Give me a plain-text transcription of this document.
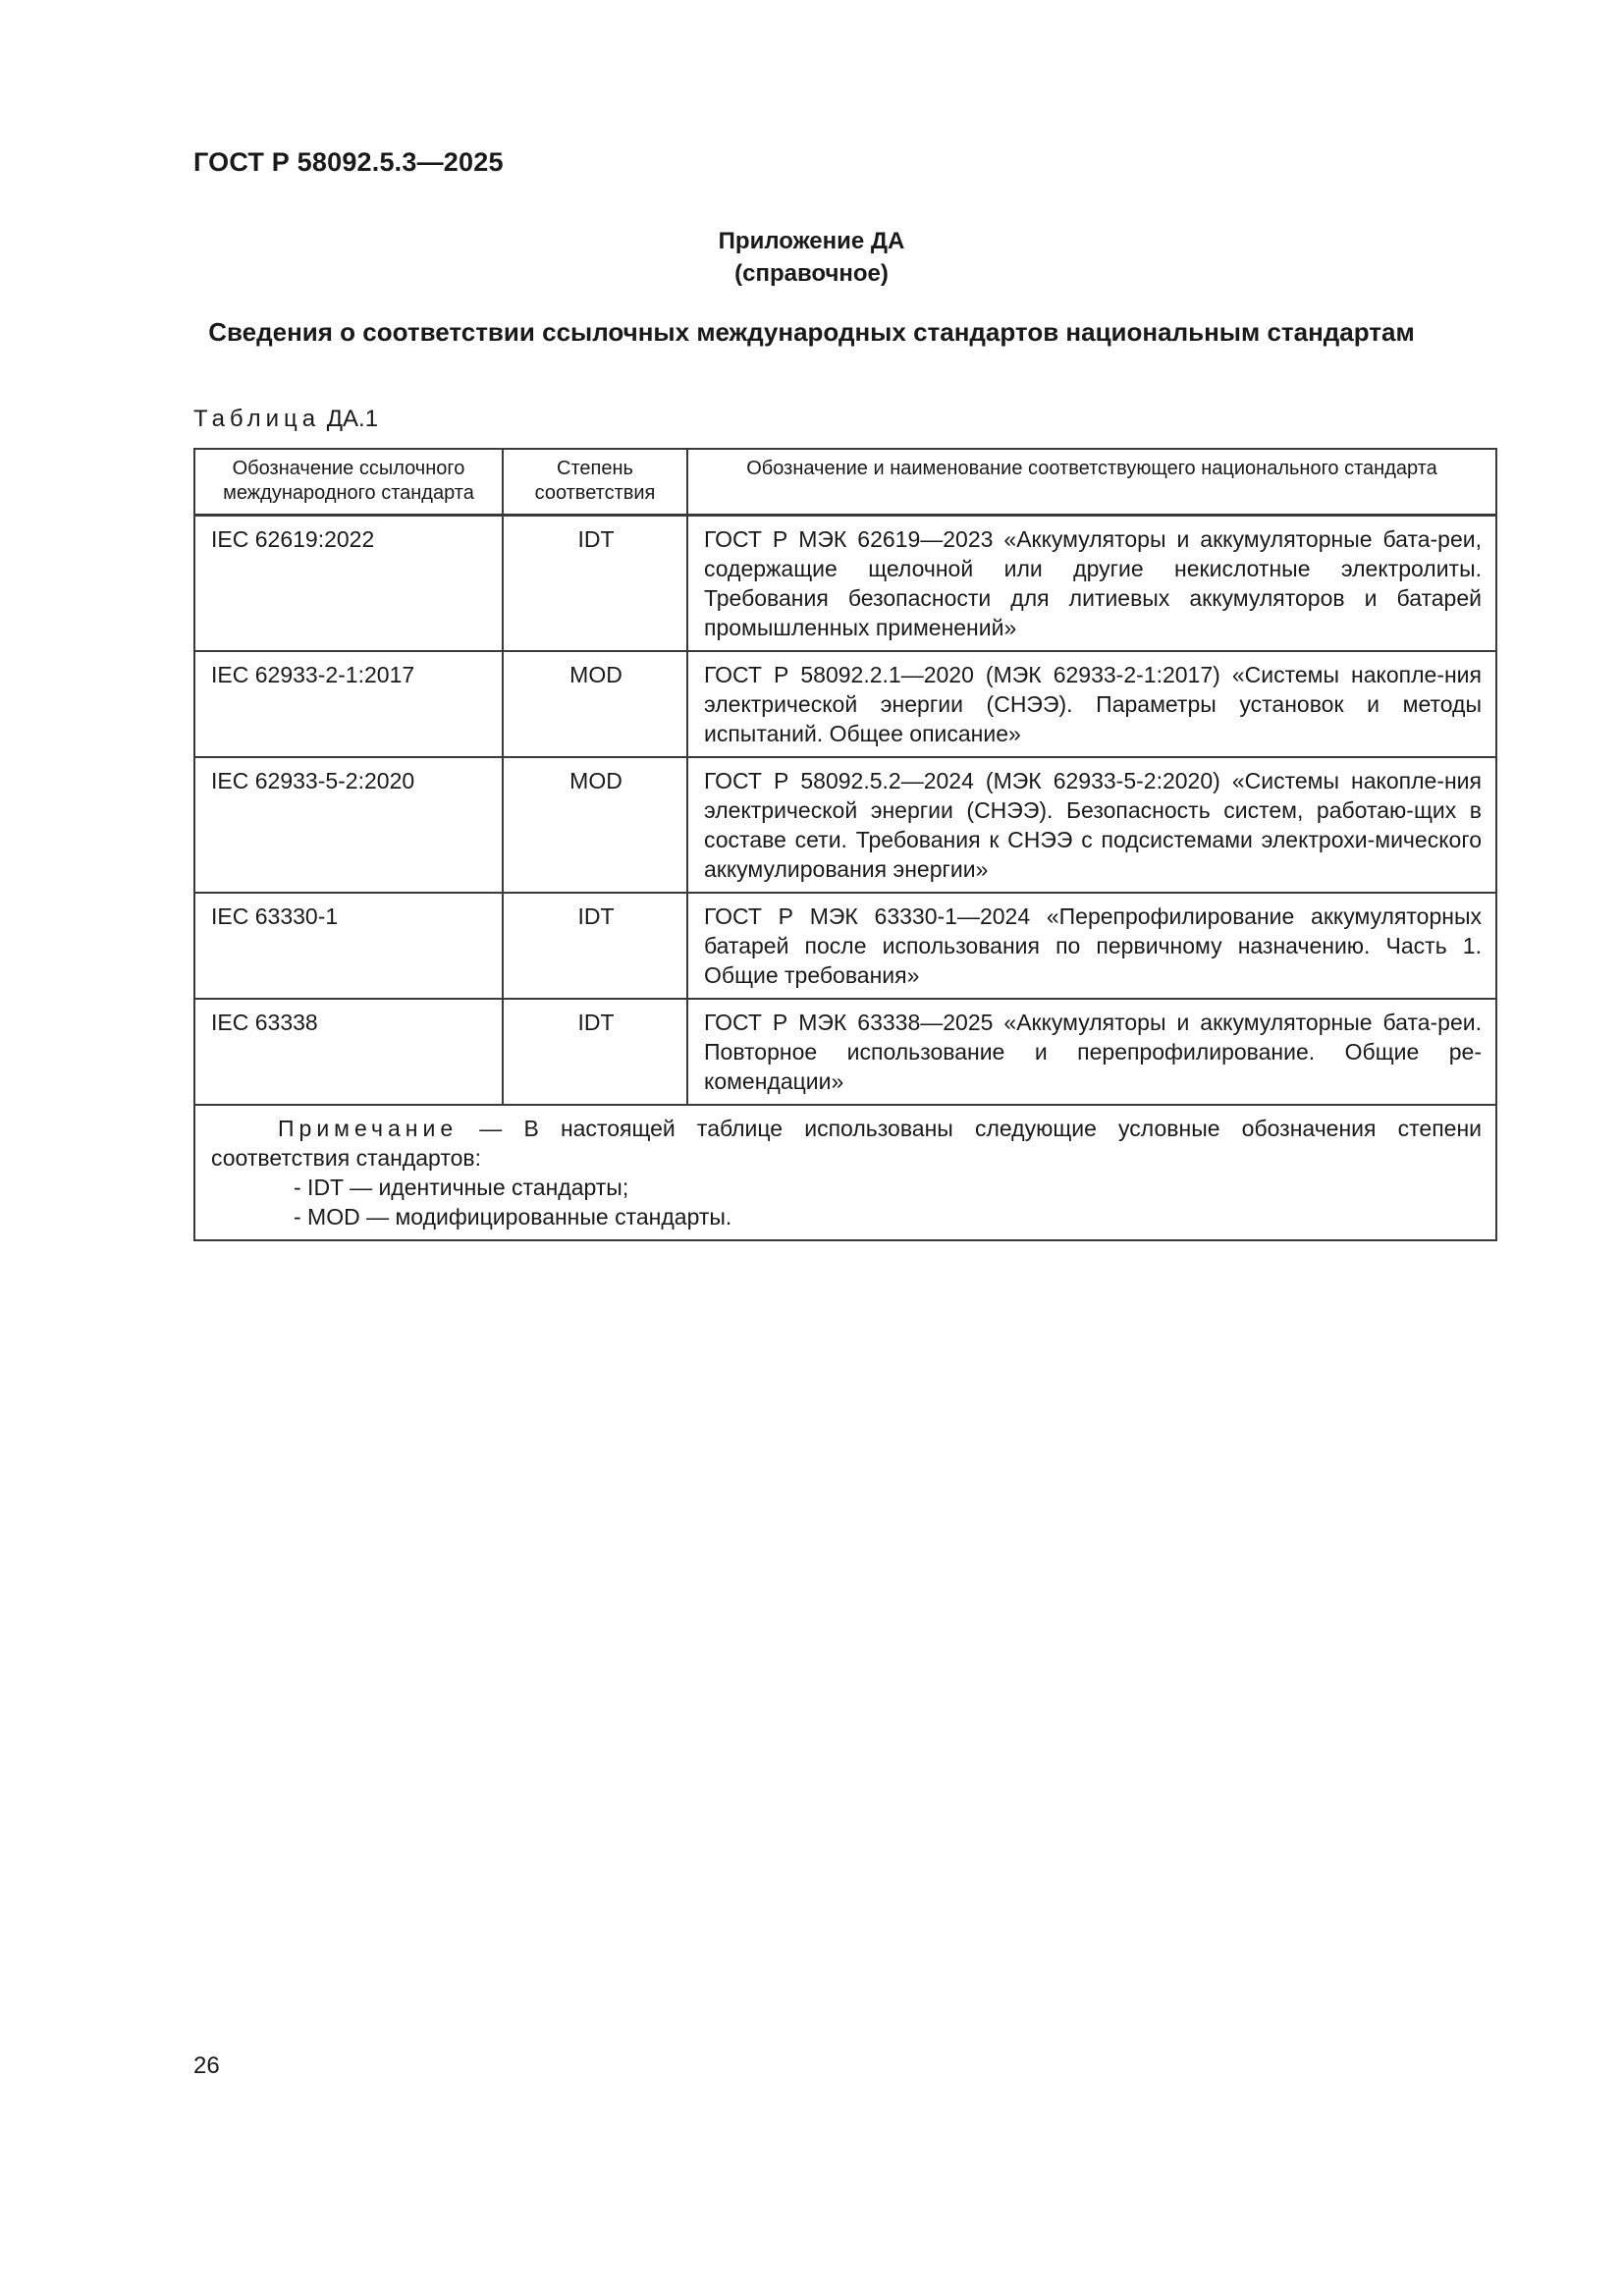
ГОСТ Р 58092.5.3—2025
Приложение ДА
(справочное)
Сведения о соответствии ссылочных международных стандартов национальным стандартам
Таблица ДА.1
Обозначение ссылочного международного стандарта	Степень соответствия	Обозначение и наименование соответствующего национального стандарта
IEC 62619:2022	IDT	ГОСТ Р МЭК 62619—2023 «Аккумуляторы и аккумуляторные бата-реи, содержащие щелочной или другие некислотные электролиты. Требования безопасности для литиевых аккумуляторов и батарей промышленных применений»
IEC 62933-2-1:2017	MOD	ГОСТ Р 58092.2.1—2020 (МЭК 62933-2-1:2017) «Системы накопле-ния электрической энергии (СНЭЭ). Параметры установок и методы испытаний. Общее описание»
IEC 62933-5-2:2020	MOD	ГОСТ Р 58092.5.2—2024 (МЭК 62933-5-2:2020) «Системы накопле-ния электрической энергии (СНЭЭ). Безопасность систем, работаю-щих в составе сети. Требования к СНЭЭ с подсистемами электрохи-мического аккумулирования энергии»
IEC 63330-1	IDT	ГОСТ Р МЭК 63330-1—2024 «Перепрофилирование аккумуляторных батарей после использования по первичному назначению. Часть 1. Общие требования»
IEC 63338	IDT	ГОСТ Р МЭК 63338—2025 «Аккумуляторы и аккумуляторные бата-реи. Повторное использование и перепрофилирование. Общие ре-комендации»

Примечание — В настоящей таблице использованы следующие условные обозначения степени соответствия стандартов:
- IDT — идентичные стандарты;
- MOD — модифицированные стандарты.		
26
